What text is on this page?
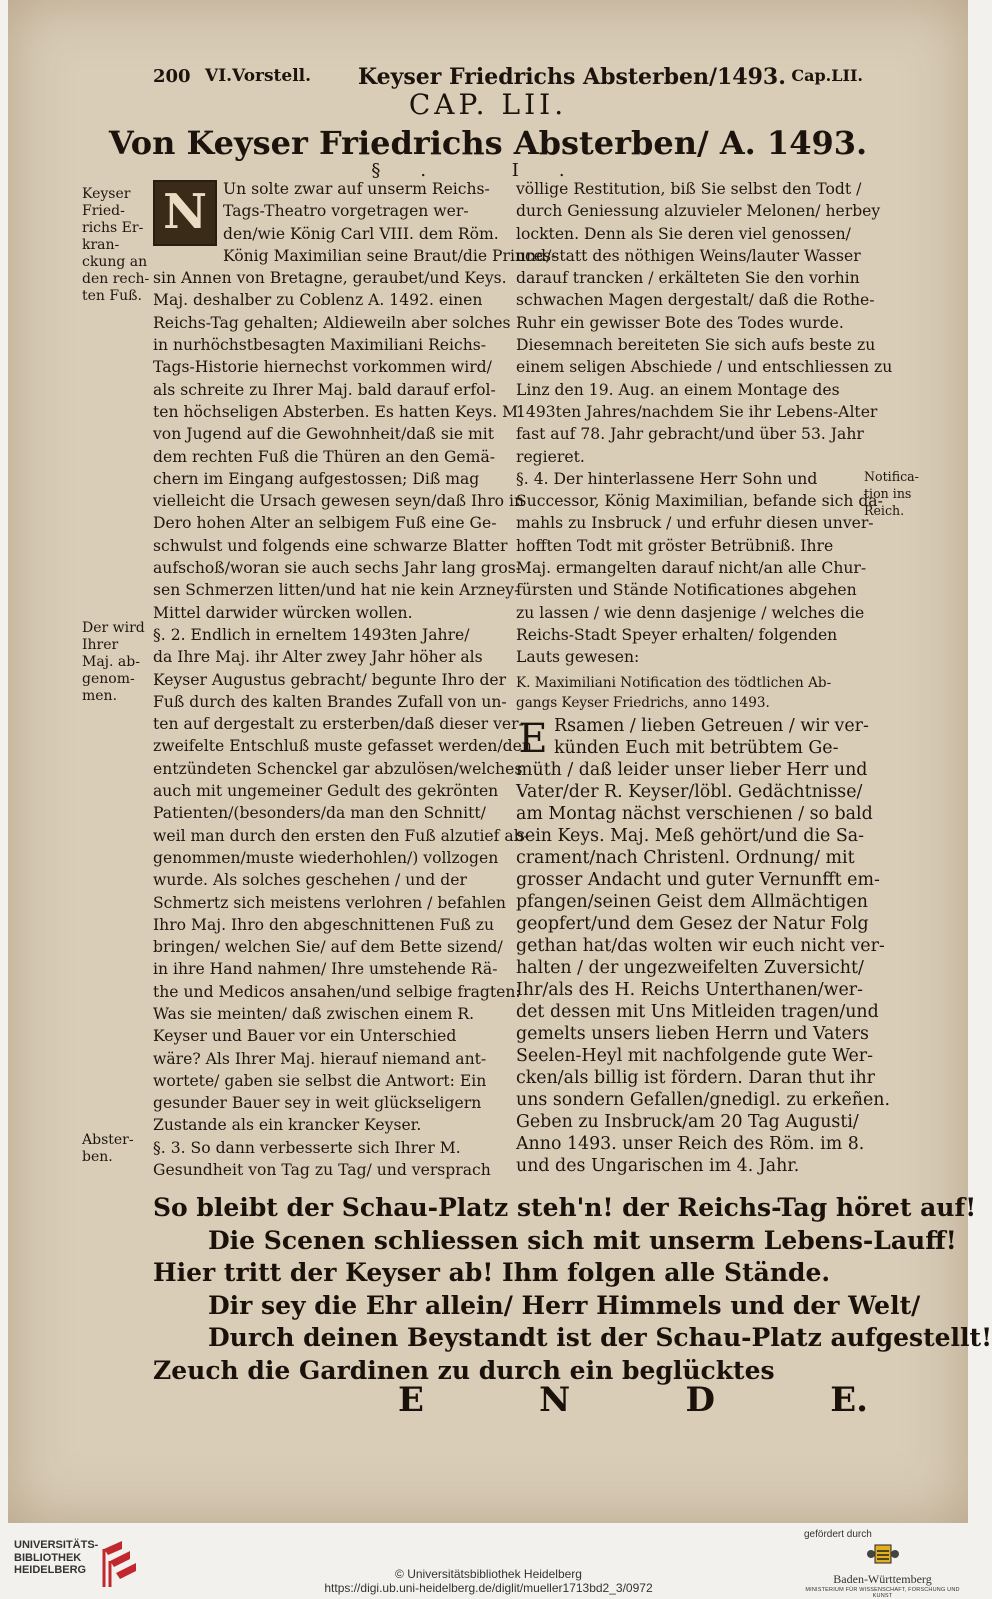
200 VI.Vorstell. Keyser Friedrichs Absterben/1493. Cap.LII.
CAP. LII.
Von Keyser Friedrichs Absterben/ A. 1493.
§. I.
Keyser
Fried-
richs Er-
kran-
ckung an
den rech-
ten Fuß.
Der wird
Ihrer
Maj. ab-
genom-
men.
Abster-
ben.
Notifica-
tion ins
Reich.
N	Un solte zwar auf unserm Reichs-
Tags-Theatro vorgetragen wer-
den/wie König Carl VIII. dem Röm.
König Maximilian seine Braut/die Princes-
sin Annen von Bretagne, geraubet/und Keys.
Maj. deshalber zu Coblenz A. 1492. einen
Reichs-Tag gehalten; Aldieweiln aber solches
in nurhöchstbesagten Maximiliani Reichs-
Tags-Historie hiernechst vorkommen wird/
als schreite zu Ihrer Maj. bald darauf erfol-
ten höchseligen Absterben. Es hatten Keys. M.
von Jugend auf die Gewohnheit/daß sie mit
dem rechten Fuß die Thüren an den Gemä-
chern im Eingang aufgestossen; Diß mag
vielleicht die Ursach gewesen seyn/daß Ihro in
Dero hohen Alter an selbigem Fuß eine Ge-
schwulst und folgends eine schwarze Blatter
aufschoß/woran sie auch sechs Jahr lang gros-
sen Schmerzen litten/und hat nie kein Arzney-
Mittel darwider würcken wollen.
§. 2. Endlich in erneltem 1493ten Jahre/
da Ihre Maj. ihr Alter zwey Jahr höher als
Keyser Augustus gebracht/ begunte Ihro der
Fuß durch des kalten Brandes Zufall von un-
ten auf dergestalt zu ersterben/daß dieser ver-
zweifelte Entschluß muste gefasset werden/den
entzündeten Schenckel gar abzulösen/welches
auch mit ungemeiner Gedult des gekrönten
Patienten/(besonders/da man den Schnitt/
weil man durch den ersten den Fuß alzutief ab-
genommen/muste wiederhohlen/) vollzogen
wurde. Als solches geschehen / und der
Schmertz sich meistens verlohren / befahlen
Ihro Maj. Ihro den abgeschnittenen Fuß zu
bringen/ welchen Sie/ auf dem Bette sizend/
in ihre Hand nahmen/ Ihre umstehende Rä-
the und Medicos ansahen/und selbige fragten:
Was sie meinten/ daß zwischen einem R.
Keyser und Bauer vor ein Unterschied
wäre? Als Ihrer Maj. hierauf niemand ant-
wortete/ gaben sie selbst die Antwort: Ein
gesunder Bauer sey in weit glückseligern
Zustande als ein krancker Keyser.
§. 3. So dann verbesserte sich Ihrer M.
Gesundheit von Tag zu Tag/ und versprach
völlige Restitution, biß Sie selbst den Todt /
durch Geniessung alzuvieler Melonen/ herbey
lockten. Denn als Sie deren viel genossen/
und/statt des nöthigen Weins/lauter Wasser
darauf trancken / erkälteten Sie den vorhin
schwachen Magen dergestalt/ daß die Rothe-
Ruhr ein gewisser Bote des Todes wurde.
Diesemnach bereiteten Sie sich aufs beste zu
einem seligen Abschiede / und entschliessen zu
Linz den 19. Aug. an einem Montage des
1493ten Jahres/nachdem Sie ihr Lebens-Alter
fast auf 78. Jahr gebracht/und über 53. Jahr
regieret.
§. 4. Der hinterlassene Herr Sohn und
Successor, König Maximilian, befande sich da-
mahls zu Insbruck / und erfuhr diesen unver-
hofften Todt mit gröster Betrübniß. Ihre
Maj. ermangelten darauf nicht/an alle Chur-
fürsten und Stände Notificationes abgehen
zu lassen / wie denn dasjenige / welches die
Reichs-Stadt Speyer erhalten/ folgenden
Lauts gewesen:
K. Maximiliani Notification des tödtlichen Ab-
gangs Keyser Friedrichs, anno 1493.
E Rsamen / lieben Getreuen / wir ver-
künden Euch mit betrübtem Ge-
müth / daß leider unser lieber Herr und
Vater/der R. Keyser/löbl. Gedächtnisse/
am Montag nächst verschienen / so bald
sein Keys. Maj. Meß gehört/und die Sa-
crament/nach Christenl. Ordnung/ mit
grosser Andacht und guter Vernunfft em-
pfangen/seinen Geist dem Allmächtigen
geopfert/und dem Gesez der Natur Folg
gethan hat/das wolten wir euch nicht ver-
halten / der ungezweifelten Zuversicht/
Ihr/als des H. Reichs Unterthanen/wer-
det dessen mit Uns Mitleiden tragen/und
gemelts unsers lieben Herrn und Vaters
Seelen-Heyl mit nachfolgende gute Wer-
cken/als billig ist fördern. Daran thut ihr
uns sondern Gefallen/gnedigl. zu erkeñen.
Geben zu Insbruck/am 20 Tag Augusti/
Anno 1493. unser Reich des Röm. im 8.
und des Ungarischen im 4. Jahr.
So bleibt der Schau-Platz steh'n! der Reichs-Tag höret auf!
Die Scenen schliessen sich mit unserm Lebens-Lauff!
Hier tritt der Keyser ab! Ihm folgen alle Stände.
Dir sey die Ehr allein/ Herr Himmels und der Welt/
Durch deinen Beystandt ist der Schau-Platz aufgestellt!
Zeuch die Gardinen zu durch ein beglücktes
E	N	D	E.
UNIVERSITÄTS-
BIBLIOTHEK
HEIDELBERG	© Universitätsbibliothek Heidelberg
https://digi.ub.uni-heidelberg.de/diglit/mueller1713bd2_3/0972
gefördert durch
Baden-Württemberg
MINISTERIUM FÜR WISSENSCHAFT, FORSCHUNG UND KUNST
